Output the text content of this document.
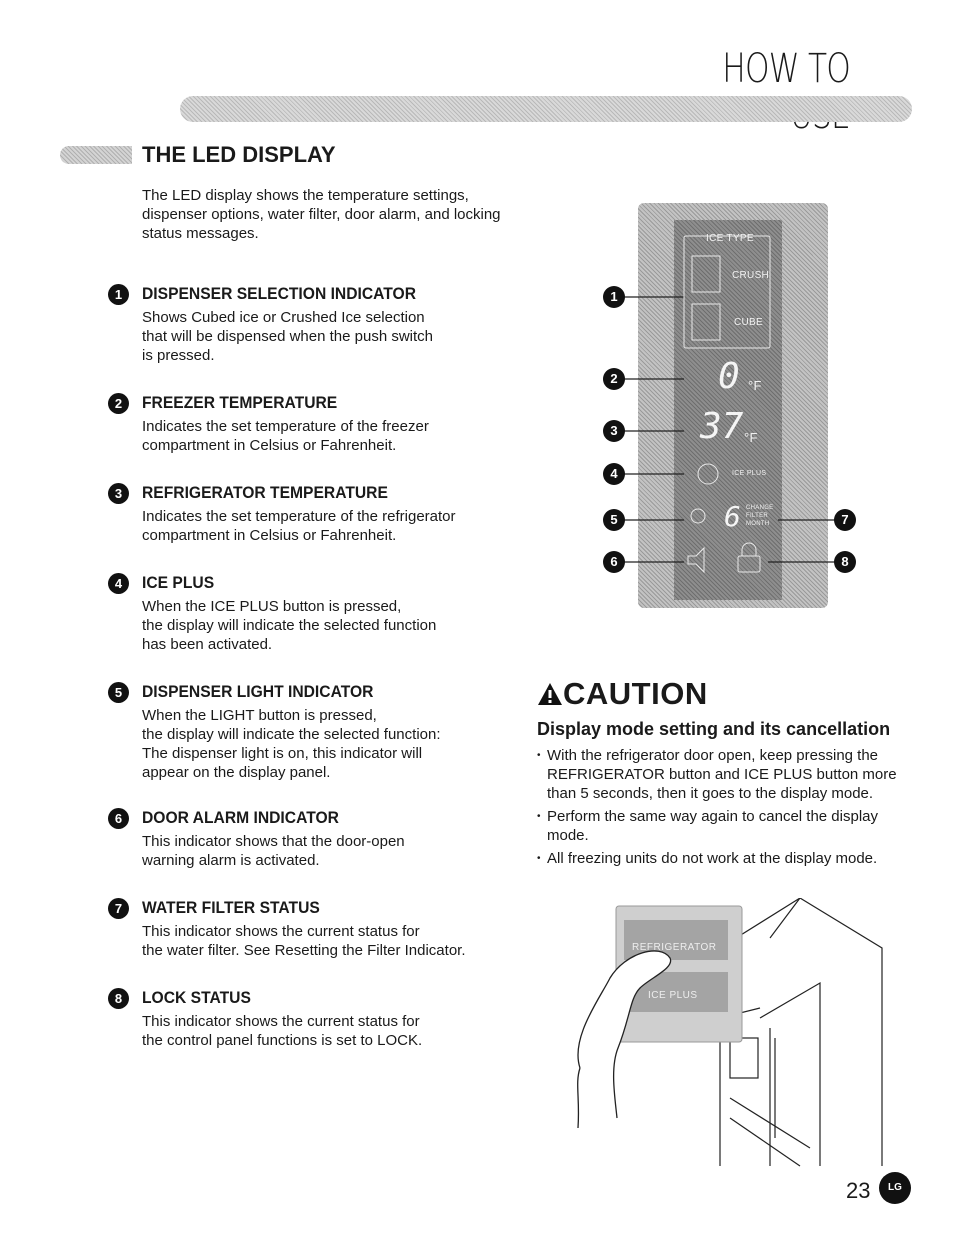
HOW TO
THE LED DISPLAY
The LED display shows the temperature settings, dispenser options, water filter, door alarm, and locking status messages.
1	DISPENSER SELECTION INDICATOR
Shows Cubed ice or Crushed Ice selection
that will be dispensed when the push switch
is pressed.
2	FREEZER TEMPERATURE
Indicates the set temperature of the freezer
compartment in Celsius or Fahrenheit.
3	REFRIGERATOR TEMPERATURE
Indicates the set temperature of the refrigerator
compartment in Celsius or Fahrenheit.
4	ICE PLUS
When the ICE PLUS button is pressed,
the display will indicate the selected function
has been activated.
5	DISPENSER LIGHT INDICATOR
When the LIGHT button is pressed,
the display will indicate the selected function:
The dispenser light is on, this indicator will
appear on the display panel.
6	DOOR ALARM INDICATOR
This indicator shows that the door-open
warning alarm is activated.
7	WATER FILTER STATUS
This indicator shows the current status for
the water filter. See Resetting the Filter Indicator.
8	LOCK STATUS
This indicator shows the current status for
the control panel functions is set to LOCK.
ICE TYPE
CRUSH
CUBE
0 °F
37 °F
ICE PLUS
6 CHANGE FILTER MONTH
1
2
3
4
5
6
7
8
CAUTION
Display mode setting and its cancellation
• With the refrigerator door open, keep pressing the REFRIGERATOR button and ICE PLUS button more than 5 seconds, then it goes to the display mode.
• Perform the same way again to cancel the display mode.
• All freezing units do not work at the display mode.
REFRIGERATOR
ICE PLUS
23	LG
